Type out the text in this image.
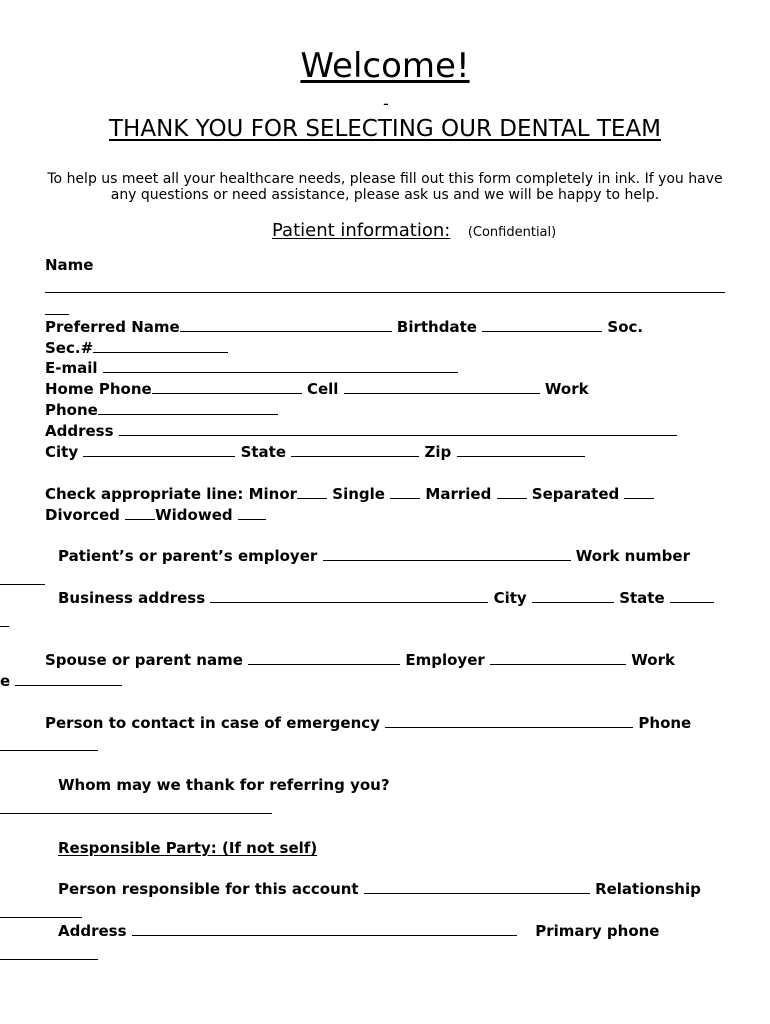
Welcome!
-
THANK YOU FOR SELECTING OUR DENTAL TEAM
To help us meet all your healthcare needs, please fill out this form completely in ink. If you have
any questions or need assistance, please ask us and we will be happy to help.
Patient information: (Confidential)
Name
Preferred Name	Birthdate	Soc.
Sec.#
E-mail
Home Phone	Cell	Work
Phone
Address
City	State	Zip
Check appropriate line: Minor Single	Married	Separated
Divorced Widowed
Patient’s or parent’s employer	Work number
Business address	City	State
Spouse or parent name	Employer	Work
e
Person to contact in case of emergency	Phone
Whom may we thank for referring you?
Responsible Party: (If not self)
Person responsible for this account	Relationship
Address	Primary phone
